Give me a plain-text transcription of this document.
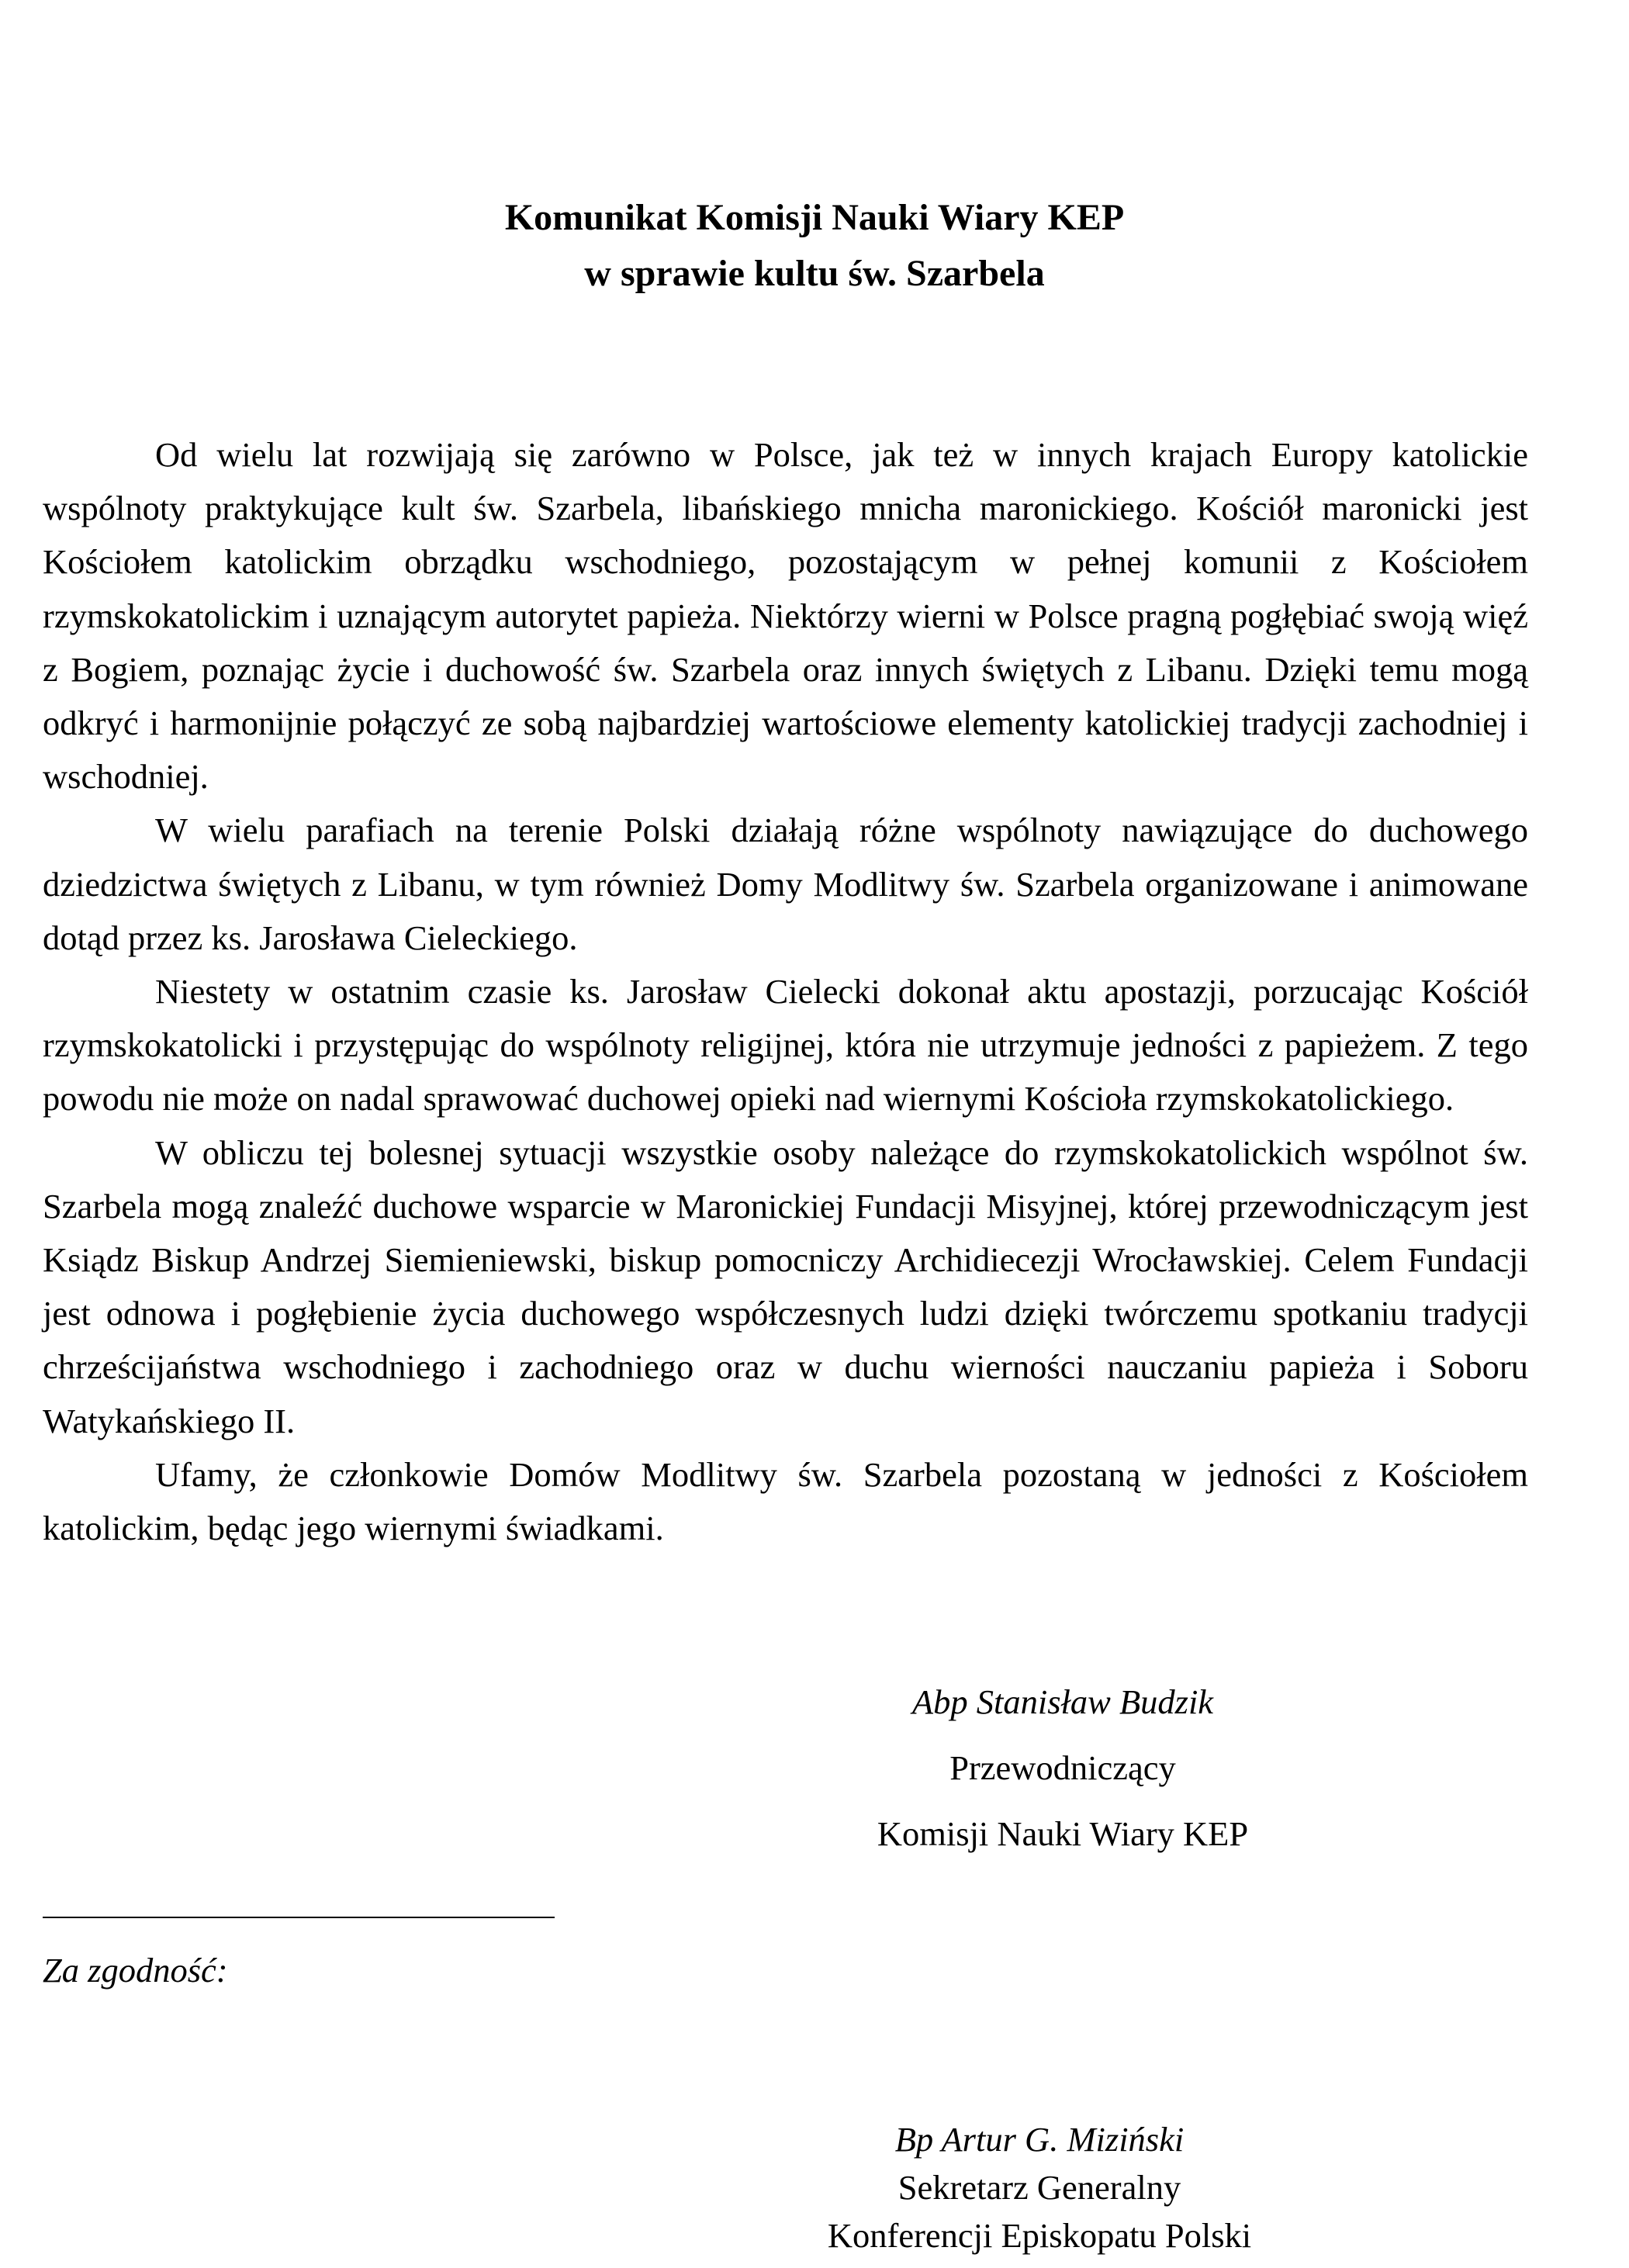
Komunikat Komisji Nauki Wiary KEP
w sprawie kultu św. Szarbela

Od wielu lat rozwijają się zarówno w Polsce, jak też w innych krajach Europy katolickie wspólnoty praktykujące kult św. Szarbela, libańskiego mnicha maronickiego. Kościół maronicki jest Kościołem katolickim obrządku wschodniego, pozostającym w pełnej komunii z Kościołem rzymskokatolickim i uznającym autorytet papieża. Niektórzy wierni w Polsce pragną pogłębiać swoją więź z Bogiem, poznając życie i duchowość św. Szarbela oraz innych świętych z Libanu. Dzięki temu mogą odkryć i harmonijnie połączyć ze sobą najbardziej wartościowe elementy katolickiej tradycji zachodniej i wschodniej.

W wielu parafiach na terenie Polski działają różne wspólnoty nawiązujące do duchowego dziedzictwa świętych z Libanu, w tym również Domy Modlitwy św. Szarbela organizowane i animowane dotąd przez ks. Jarosława Cieleckiego.

Niestety w ostatnim czasie ks. Jarosław Cielecki dokonał aktu apostazji, porzucając Kościół rzymskokatolicki i przystępując do wspólnoty religijnej, która nie utrzymuje jedności z papieżem. Z tego powodu nie może on nadal sprawować duchowej opieki nad wiernymi Kościoła rzymskokatolickiego.

W obliczu tej bolesnej sytuacji wszystkie osoby należące do rzymskokatolickich wspólnot św. Szarbela mogą znaleźć duchowe wsparcie w Maronickiej Fundacji Misyjnej, której przewodniczącym jest Ksiądz Biskup Andrzej Siemieniewski, biskup pomocniczy Archidiecezji Wrocławskiej. Celem Fundacji jest odnowa i pogłębienie życia duchowego współczesnych ludzi dzięki twórczemu spotkaniu tradycji chrześcijaństwa wschodniego i zachodniego oraz w duchu wierności nauczaniu papieża i Soboru Watykańskiego II.

Ufamy, że członkowie Domów Modlitwy św. Szarbela pozostaną w jedności z Kościołem katolickim, będąc jego wiernymi świadkami.

Abp Stanisław Budzik
Przewodniczący
Komisji Nauki Wiary KEP
Za zgodność:
Bp Artur G. Miziński
Sekretarz Generalny
Konferencji Episkopatu Polski
